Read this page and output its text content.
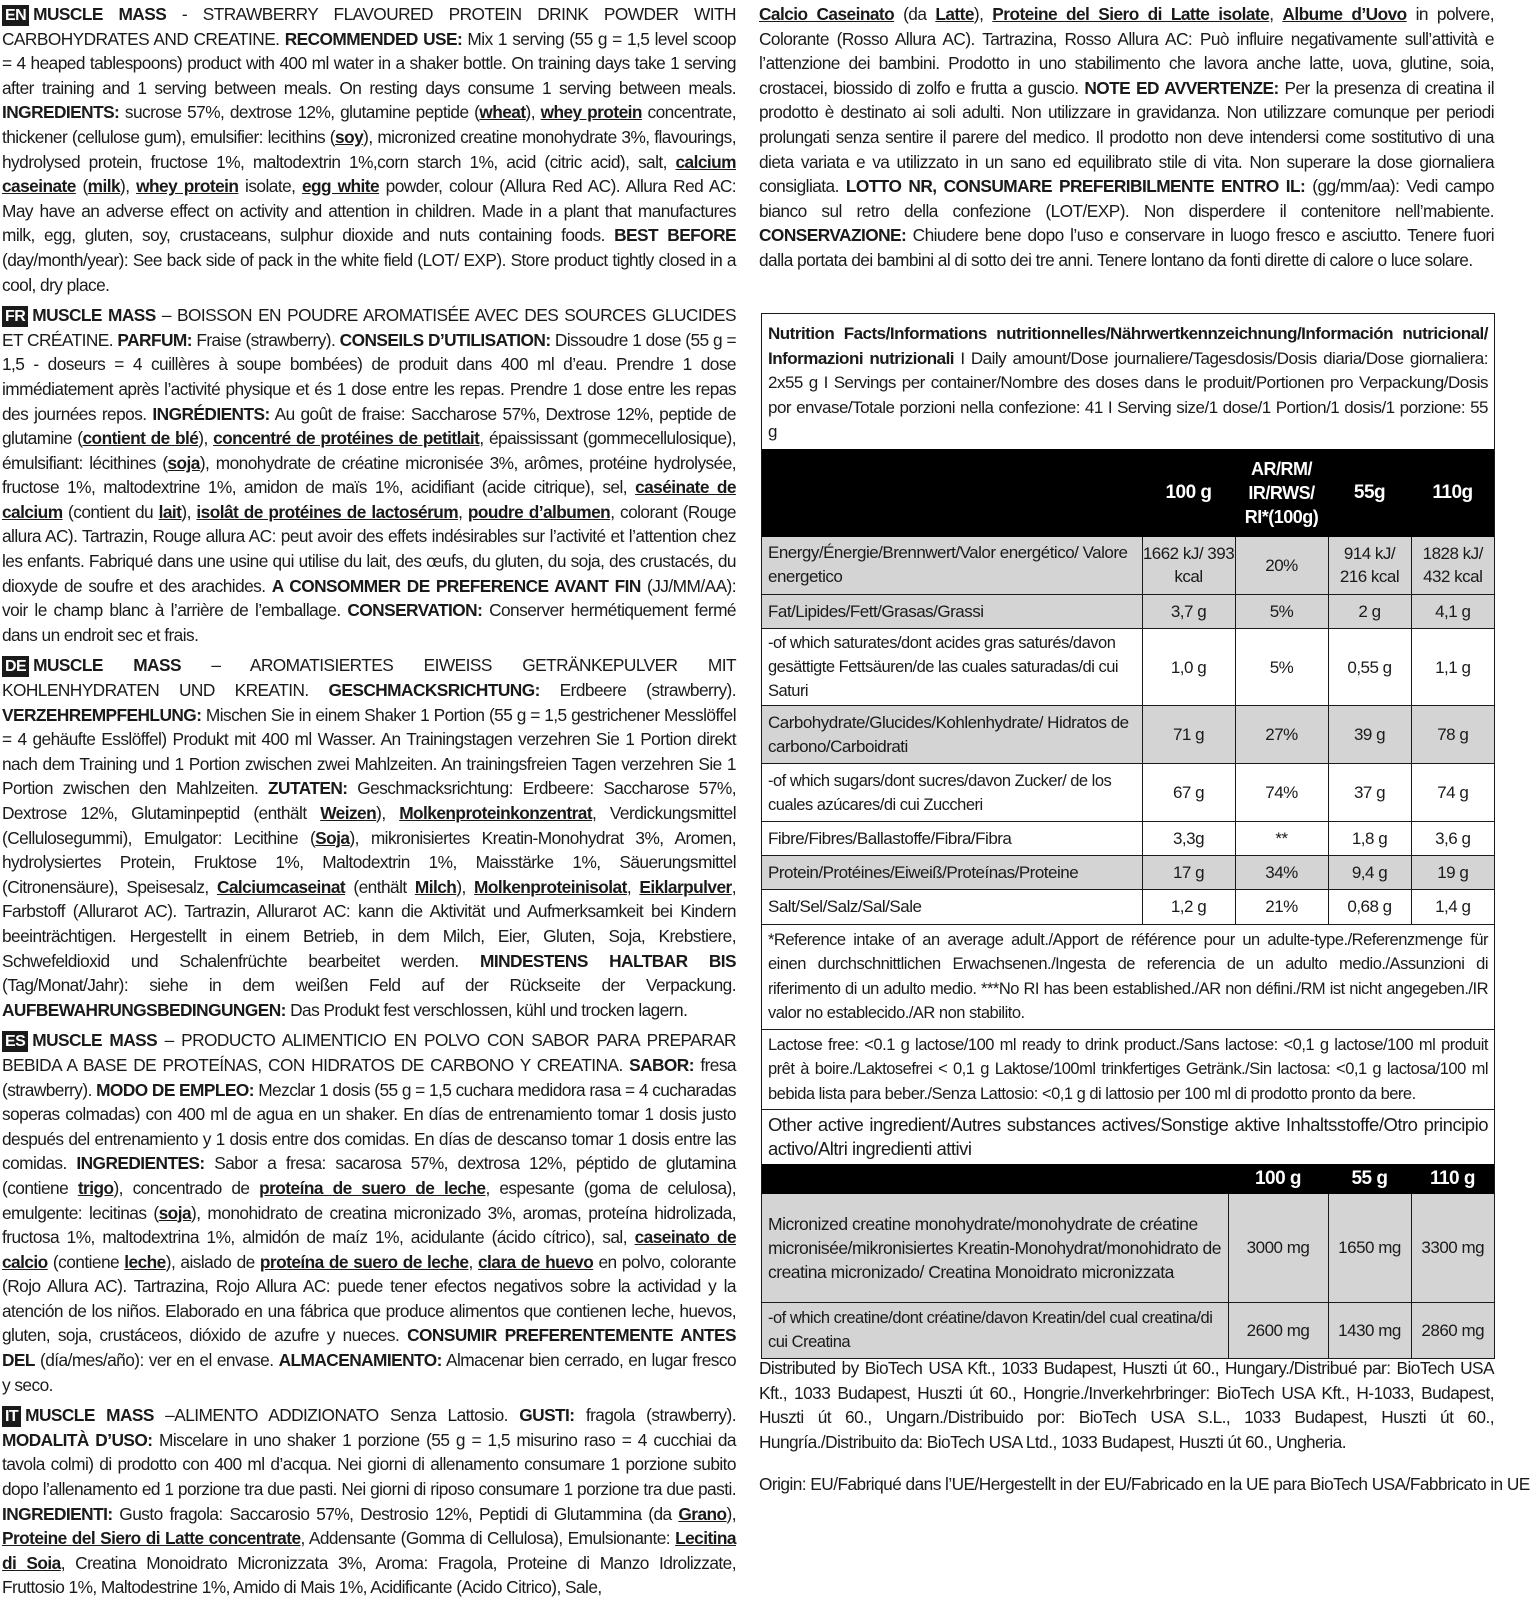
EN MUSCLE MASS - STRAWBERRY FLAVOURED PROTEIN DRINK POWDER WITH CARBOHYDRATES AND CREATINE. RECOMMENDED USE: Mix 1 serving (55 g = 1,5 level scoop = 4 heaped tablespoons) product with 400 ml water in a shaker bottle. On training days take 1 serving after training and 1 serving between meals. On resting days consume 1 serving between meals. INGREDIENTS: sucrose 57%, dextrose 12%, glutamine peptide (wheat), whey protein concentrate, thickener (cellulose gum), emulsifier: lecithins (soy), micronized creatine monohydrate 3%, flavourings, hydrolysed protein, fructose 1%, maltodextrin 1%,corn starch 1%, acid (citric acid), salt, calcium caseinate (milk), whey protein isolate, egg white powder, colour (Allura Red AC). Allura Red AC: May have an adverse effect on activity and attention in children. Made in a plant that manufactures milk, egg, gluten, soy, crustaceans, sulphur dioxide and nuts containing foods. BEST BEFORE (day/month/year): See back side of pack in the white field (LOT/ EXP). Store product tightly closed in a cool, dry place.

FR MUSCLE MASS – BOISSON EN POUDRE AROMATISÉE AVEC DES SOURCES GLUCIDES ET CRÉATINE. PARFUM: Fraise (strawberry). CONSEILS D’UTILISATION: Dissoudre 1 dose (55 g = 1,5 - doseurs = 4 cuillères à soupe bombées) de produit dans 400 ml d’eau. Prendre 1 dose immédiatement après l’activité physique et és 1 dose entre les repas. Prendre 1 dose entre les repas des journées repos. INGRÉDIENTS: Au goût de fraise: Saccharose 57%, Dextrose 12%, peptide de glutamine (contient de blé), concentré de protéines de petitlait, épaississant (gommecellulosique), émulsifiant: lécithines (soja), monohydrate de créatine micronisée 3%, arômes, protéine hydrolysée, fructose 1%, maltodextrine 1%, amidon de maïs 1%, acidifiant (acide citrique), sel, caséinate de calcium (contient du lait), isolât de protéines de lactosérum, poudre d’albumen, colorant (Rouge allura AC). Tartrazin, Rouge allura AC: peut avoir des effets indésirables sur l’activité et l’attention chez les enfants. Fabriqué dans une usine qui utilise du lait, des œufs, du gluten, du soja, des crustacés, du dioxyde de soufre et des arachides. A CONSOMMER DE PREFERENCE AVANT FIN (JJ/MM/AA): voir le champ blanc à l’arrière de l’emballage. CONSERVATION: Conserver hermétiquement fermé dans un endroit sec et frais.

DE MUSCLE MASS – AROMATISIERTES EIWEISS GETRÄNKEPULVER MIT KOHLENHYDRATEN UND KREATIN. GESCHMACKSRICHTUNG: Erdbeere (strawberry). VERZEHREMPFEHLUNG: Mischen Sie in einem Shaker 1 Portion (55 g = 1,5 gestrichener Messlöffel = 4 gehäufte Esslöffel) Produkt mit 400 ml Wasser. An Trainingstagen verzehren Sie 1 Portion direkt nach dem Training und 1 Portion zwischen zwei Mahlzeiten. An trainingsfreien Tagen verzehren Sie 1 Portion zwischen den Mahlzeiten. ZUTATEN: Geschmacksrichtung: Erdbeere: Saccharose 57%, Dextrose 12%, Glutaminpeptid (enthält Weizen), Molkenproteinkonzentrat, Verdickungsmittel (Cellulosegummi), Emulgator: Lecithine (Soja), mikronisiertes Kreatin-Monohydrat 3%, Aromen, hydrolysiertes Protein, Fruktose 1%, Maltodextrin 1%, Maisstärke 1%, Säuerungsmittel (Citronensäure), Speisesalz, Calciumcaseinat (enthält Milch), Molkenproteinisolat, Eiklarpulver, Farbstoff (Allurarot AC). Tartrazin, Allurarot AC: kann die Aktivität und Aufmerksamkeit bei Kindern beeinträchtigen. Hergestellt in einem Betrieb, in dem Milch, Eier, Gluten, Soja, Krebstiere, Schwefeldioxid und Schalenfrüchte bearbeitet werden. MINDESTENS HALTBAR BIS (Tag/Monat/Jahr): siehe in dem weißen Feld auf der Rückseite der Verpackung. AUFBEWAHRUNGSBEDINGUNGEN: Das Produkt fest verschlossen, kühl und trocken lagern.

ES MUSCLE MASS – PRODUCTO ALIMENTICIO EN POLVO CON SABOR PARA PREPARAR BEBIDA A BASE DE PROTEÍNAS, CON HIDRATOS DE CARBONO Y CREATINA. SABOR: fresa (strawberry). MODO DE EMPLEO: Mezclar 1 dosis (55 g = 1,5 cuchara medidora rasa = 4 cucharadas soperas colmadas) con 400 ml de agua en un shaker. En días de entrenamiento tomar 1 dosis justo después del entrenamiento y 1 dosis entre dos comidas. En días de descanso tomar 1 dosis entre las comidas. INGREDIENTES: Sabor a fresa: sacarosa 57%, dextrosa 12%, péptido de glutamina (contiene trigo), concentrado de proteína de suero de leche, espesante (goma de celulosa), emulgente: lecitinas (soja), monohidrato de creatina micronizado 3%, aromas, proteína hidrolizada, fructosa 1%, maltodextrina 1%, almidón de maíz 1%, acidulante (ácido cítrico), sal, caseinato de calcio (contiene leche), aislado de proteína de suero de leche, clara de huevo en polvo, colorante (Rojo Allura AC). Tartrazina, Rojo Allura AC: puede tener efectos negativos sobre la actividad y la atención de los niños. Elaborado en una fábrica que produce alimentos que contienen leche, huevos, gluten, soja, crustáceos, dióxido de azufre y nueces. CONSUMIR PREFERENTEMENTE ANTES DEL (día/mes/año): ver en el envase. ALMACENAMIENTO: Almacenar bien cerrado, en lugar fresco y seco.

IT MUSCLE MASS –ALIMENTO ADDIZIONATO Senza Lattosio. GUSTI: fragola (strawberry). MODALITÀ D’USO: Miscelare in uno shaker 1 porzione (55 g = 1,5 misurino raso = 4 cucchiai da tavola colmi) di prodotto con 400 ml d’acqua. Nei giorni di allenamento consumare 1 porzione subito dopo l’allenamento ed 1 porzione tra due pasti. Nei giorni di riposo consumare 1 porzione tra due pasti. INGREDIENTI: Gusto fragola: Saccarosio 57%, Destrosio 12%, Peptidi di Glutammina (da Grano), Proteine del Siero di Latte concentrate, Addensante (Gomma di Cellulosa), Emulsionante: Lecitina di Soia, Creatina Monoidrato Micronizzata 3%, Aroma: Fragola, Proteine di Manzo Idrolizzate, Fruttosio 1%, Maltodestrine 1%, Amido di Mais 1%, Acidificante (Acido Citrico), Sale,

Calcio Caseinato (da Latte), Proteine del Siero di Latte isolate, Albume d’Uovo in polvere, Colorante (Rosso Allura AC). Tartrazina, Rosso Allura AC: Può influire negativamente sull’attività e l’attenzione dei bambini. Prodotto in uno stabilimento che lavora anche latte, uova, glutine, soia, crostacei, biossido di zolfo e frutta a guscio. NOTE ED AVVERTENZE: Per la presenza di creatina il prodotto è destinato ai soli adulti. Non utilizzare in gravidanza. Non utilizzare comunque per periodi prolungati senza sentire il parere del medico. Il prodotto non deve intendersi come sostitutivo di una dieta variata e va utilizzato in un sano ed equilibrato stile di vita. Non superare la dose giornaliera consigliata. LOTTO NR, CONSUMARE PREFERIBILMENTE ENTRO IL: (gg/mm/aa): Vedi campo bianco sul retro della confezione (LOT/EXP). Non disperdere il contenitore nell’mabiente. CONSERVAZIONE: Chiudere bene dopo l’uso e conservare in luogo fresco e asciutto. Tenere fuori dalla portata dei bambini al di sotto dei tre anni. Tenere lontano da fonti dirette di calore o luce solare.

Nutrition Facts/Informations nutritionnelles/Nährwertkennzeichnung/Información nutricional/ Informazioni nutrizionali I Daily amount/Dose journaliere/Tagesdosis/Dosis diaria/Dose giornaliera: 2x55 g I Servings per container/Nombre des doses dans le produit/Portionen pro Verpackung/Dosis por envase/Totale porzioni nella confezione: 41 I Serving size/1 dose/1 Portion/1 dosis/1 porzione: 55 g
	100 g	AR/RM/ IR/RWS/ RI*(100g)	55g	110g
Energy/Énergie/Brennwert/Valor energético/ Valore energetico	1662 kJ/ 393 kcal	20%	914 kJ/ 216 kcal	1828 kJ/ 432 kcal
Fat/Lipides/Fett/Grasas/Grassi	3,7 g	5%	2 g	4,1 g
-of which saturates/dont acides gras saturés/davon gesättigte Fettsäuren/de las cuales saturadas/di cui Saturi	1,0 g	5%	0,55 g	1,1 g
Carbohydrate/Glucides/Kohlenhydrate/ Hidratos de carbono/Carboidrati	71 g	27%	39 g	78 g
-of which sugars/dont sucres/davon Zucker/ de los cuales azúcares/di cui Zuccheri	67 g	74%	37 g	74 g
Fibre/Fibres/Ballastoffe/Fibra/Fibra	3,3g	**	1,8 g	3,6 g
Protein/Protéines/Eiweiß/Proteínas/Proteine	17 g	34%	9,4 g	19 g
Salt/Sel/Salz/Sal/Sale	1,2 g	21%	0,68 g	1,4 g
*Reference intake of an average adult./Apport de référence pour un adulte-type./Referenzmenge für einen durchschnittlichen Erwachsenen./Ingesta de referencia de un adulto medio./Assunzioni di riferimento di un adulto medio. ***No RI has been established./AR non défini./RM ist nicht angegeben./IR valor no establecido./AR non stabilito.
Lactose free: <0.1 g lactose/100 ml ready to drink product./Sans lactose: <0,1 g lactose/100 ml produit prêt à boire./Laktosefrei < 0,1 g Laktose/100ml trinkfertiges Getränk./Sin lactosa: <0,1 g lactosa/100 ml bebida lista para beber./Senza Lattosio: <0,1 g di lattosio per 100 ml di prodotto pronto da bere.
Other active ingredient/Autres substances actives/Sonstige aktive Inhaltsstoffe/Otro principio activo/Altri ingredienti attivi
	100 g	55 g	110 g
Micronized creatine monohydrate/monohydrate de créatine micronisée/mikronisiertes Kreatin-Monohydrat/monohidrato de creatina micronizado/ Creatina Monoidrato micronizzata	3000 mg	1650 mg	3300 mg
-of which creatine/dont créatine/davon Kreatin/del cual creatina/di cui Creatina	2600 mg	1430 mg	2860 mg
Distributed by BioTech USA Kft., 1033 Budapest, Huszti út 60., Hungary./Distribué par: BioTech USA Kft., 1033 Budapest, Huszti út 60., Hongrie./Inverkehrbringer: BioTech USA Kft., H-1033, Budapest, Huszti út 60., Ungarn./Distribuido por: BioTech USA S.L., 1033 Budapest, Huszti út 60., Hungría./Distribuito da: BioTech USA Ltd., 1033 Budapest, Huszti út 60., Ungheria.
Origin: EU/Fabriqué dans l’UE/Hergestellt in der EU/Fabricado en la UE para BioTech USA/Fabbricato in UE
